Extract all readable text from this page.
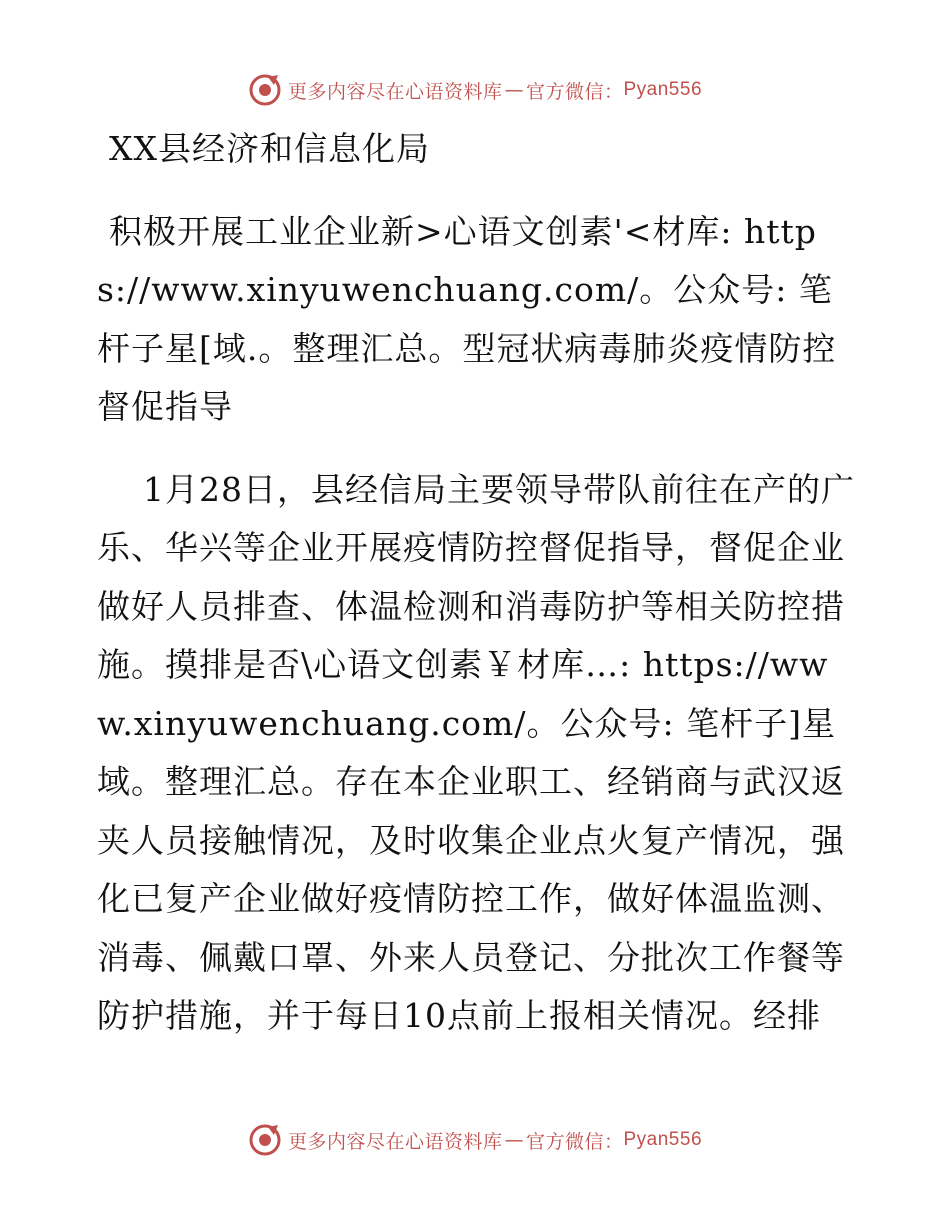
更多内容尽在心语资料库 — 官方微信： Pyan556

XX县经济和信息化局

积极开展工业企业新>心语文创素'<材库: https://www.xinyuwenchuang.com/。公众号: 笔杆子星[域.。整理汇总。型冠状病毒肺炎疫情防控督促指导

1月28日，县经信局主要领导带队前往在产的广乐、华兴等企业开展疫情防控督促指导，督促企业做好人员排查、体温检测和消毒防护等相关防控措施。摸排是否\心语文创素￥材库…: https://www.xinyuwenchuang.com/。公众号: 笔杆子]星域。整理汇总。存在本企业职工、经销商与武汉返夹人员接触情况，及时收集企业点火复产情况，强化已复产企业做好疫情防控工作，做好体温监测、消毒、佩戴口罩、外来人员登记、分批次工作餐等防护措施，并于每日10点前上报相关情况。经排

更多内容尽在心语资料库 — 官方微信： Pyan556
